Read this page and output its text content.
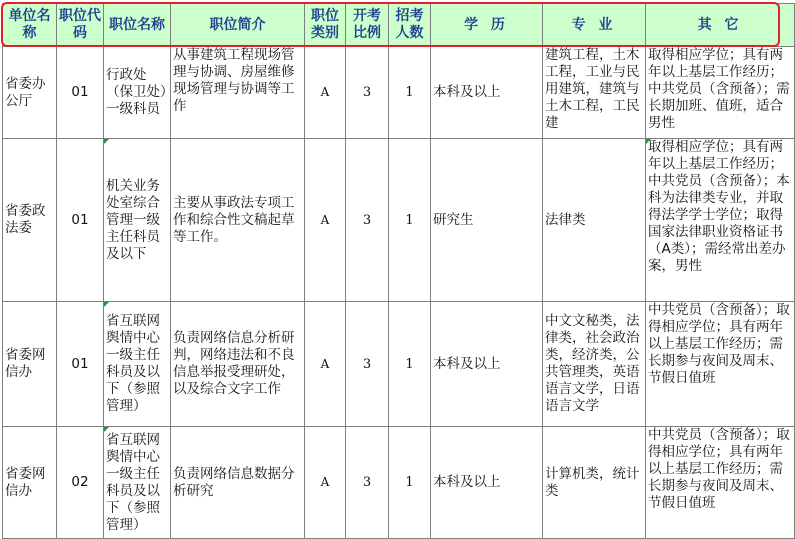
单位名称	职位代码	职位名称	职位简介	职位类别	开考比例	招考人数	学 历	专 业	其 它
省委办公厅	01	行政处（保卫处）一级科员	从事建筑工程现场管理与协调、房屋维修现场管理与协调等工作	A	3	1	本科及以上	建筑工程，土木工程，工业与民用建筑，建筑与土木工程，工民建	取得相应学位；具有两年以上基层工作经历；中共党员（含预备）；需长期加班、值班，适合男性
省委政法委	01	机关业务处室综合管理一级主任科员及以下	主要从事政法专项工作和综合性文稿起草等工作。	A	3	1	研究生	法律类	取得相应学位；具有两年以上基层工作经历；中共党员（含预备）；本科为法律类专业，并取得法学学士学位；取得国家法律职业资格证书（A类）；需经常出差办案，男性
省委网信办	01	省互联网舆情中心一级主任科员及以下（参照管理）	负责网络信息分析研判，网络违法和不良信息举报受理研处，以及综合文字工作	A	3	1	本科及以上	中文文秘类，法律类，社会政治类，经济类，公共管理类，英语语言文学，日语语言文学	中共党员（含预备）；取得相应学位；具有两年以上基层工作经历；需长期参与夜间及周末、节假日值班
省委网信办	02	省互联网舆情中心一级主任科员及以下（参照管理）	负责网络信息数据分析研究	A	3	1	本科及以上	计算机类，统计类	中共党员（含预备）；取得相应学位；具有两年以上基层工作经历；需长期参与夜间及周末、节假日值班
